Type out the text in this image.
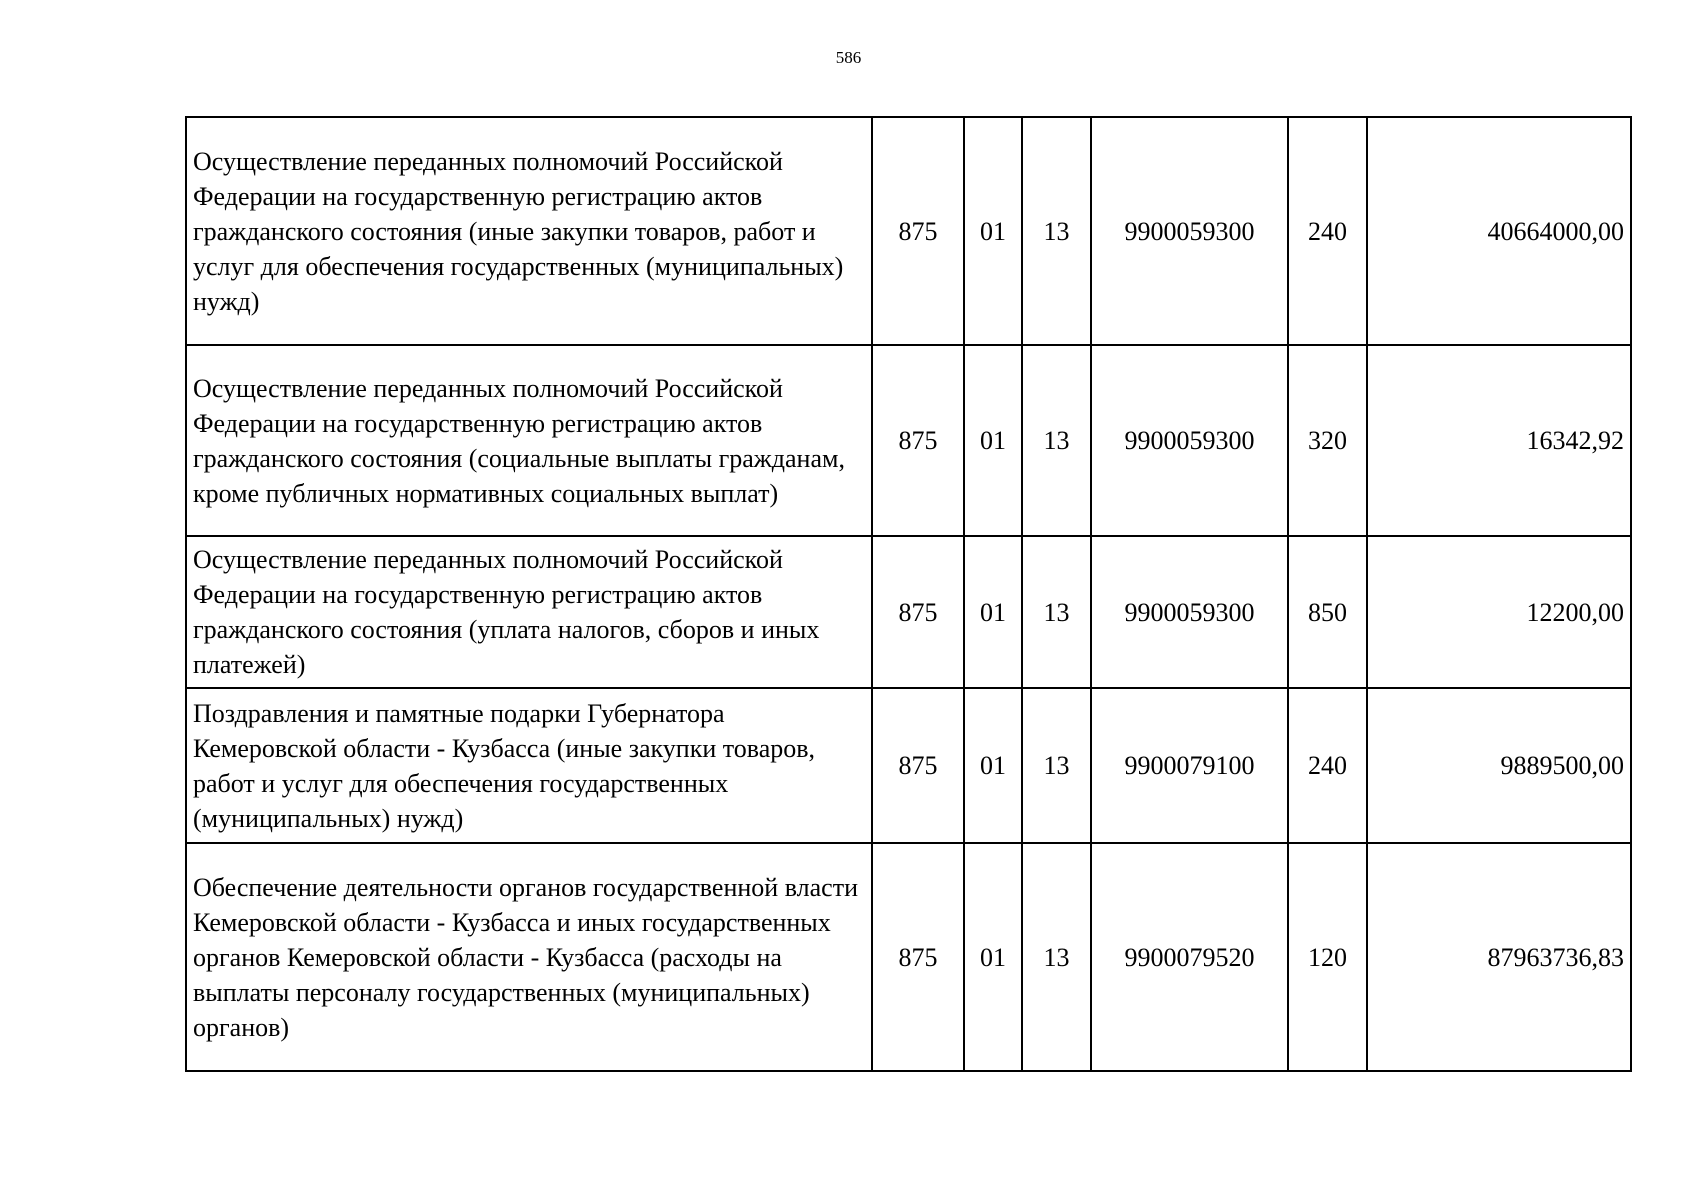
586
Осуществление переданных полномочий Российской Федерации на государственную регистрацию актов гражданского состояния (иные закупки товаров, работ и услуг для обеспечения государственных (муниципальных) нужд)	875	01	13	9900059300	240	40664000,00
Осуществление переданных полномочий Российской Федерации на государственную регистрацию актов гражданского состояния (социальные выплаты гражданам, кроме публичных нормативных социальных выплат)	875	01	13	9900059300	320	16342,92
Осуществление переданных полномочий Российской Федерации на государственную регистрацию актов гражданского состояния (уплата налогов, сборов и иных платежей)	875	01	13	9900059300	850	12200,00
Поздравления и памятные подарки Губернатора Кемеровской области - Кузбасса (иные закупки товаров, работ и услуг для обеспечения государственных (муниципальных) нужд)	875	01	13	9900079100	240	9889500,00
Обеспечение деятельности органов государственной власти Кемеровской области - Кузбасса и иных государственных органов Кемеровской области - Кузбасса (расходы на выплаты персоналу государственных (муниципальных) органов)	875	01	13	9900079520	120	87963736,83
